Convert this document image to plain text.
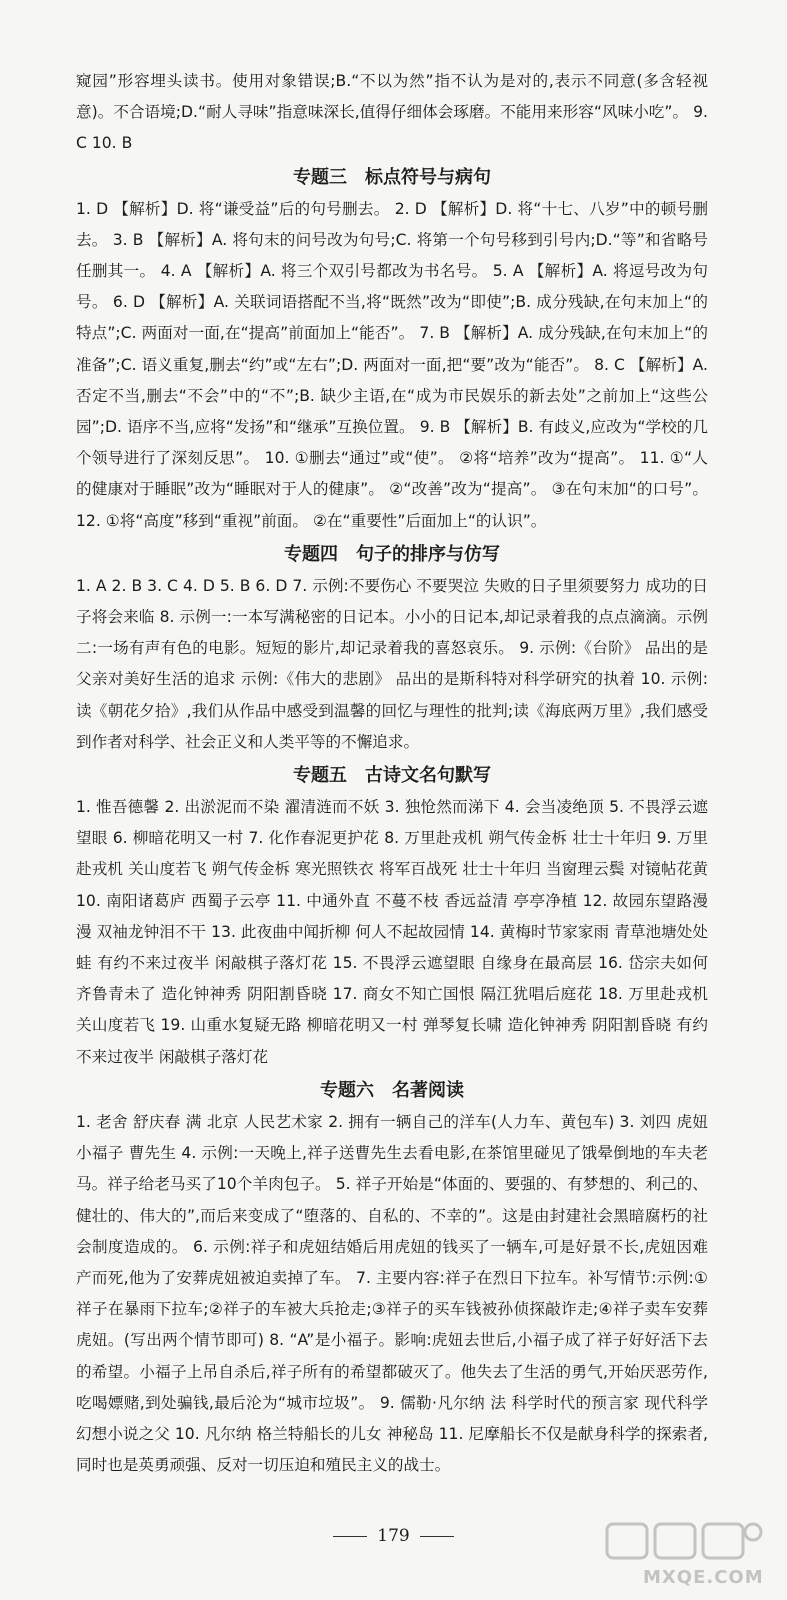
窥园”形容埋头读书。使用对象错误;B.“不以为然”指不认为是对的,表示不同意(多含轻视意)。不合语境;D.“耐人寻味”指意味深长,值得仔细体会琢磨。不能用来形容“风味小吃”。 9. C 10. B

专题三　标点符号与病句

1. D 【解析】D. 将“谦受益”后的句号删去。 2. D 【解析】D. 将“十七、八岁”中的顿号删去。 3. B 【解析】A. 将句末的问号改为句号;C. 将第一个句号移到引号内;D.“等”和省略号任删其一。 4. A 【解析】A. 将三个双引号都改为书名号。 5. A 【解析】A. 将逗号改为句号。 6. D 【解析】A. 关联词语搭配不当,将“既然”改为“即使”;B. 成分残缺,在句末加上“的特点”;C. 两面对一面,在“提高”前面加上“能否”。 7. B 【解析】A. 成分残缺,在句末加上“的准备”;C. 语义重复,删去“约”或“左右”;D. 两面对一面,把“要”改为“能否”。 8. C 【解析】A. 否定不当,删去“不会”中的“不”;B. 缺少主语,在“成为市民娱乐的新去处”之前加上“这些公园”;D. 语序不当,应将“发扬”和“继承”互换位置。 9. B 【解析】B. 有歧义,应改为“学校的几个领导进行了深刻反思”。 10. ①删去“通过”或“使”。 ②将“培养”改为“提高”。 11. ①“人的健康对于睡眠”改为“睡眠对于人的健康”。 ②“改善”改为“提高”。 ③在句末加“的口号”。 12. ①将“高度”移到“重视”前面。 ②在“重要性”后面加上“的认识”。

专题四　句子的排序与仿写

1. A 2. B 3. C 4. D 5. B 6. D 7. 示例:不要伤心 不要哭泣 失败的日子里须要努力 成功的日子将会来临 8. 示例一:一本写满秘密的日记本。小小的日记本,却记录着我的点点滴滴。示例二:一场有声有色的电影。短短的影片,却记录着我的喜怒哀乐。 9. 示例:《台阶》 品出的是父亲对美好生活的追求 示例:《伟大的悲剧》 品出的是斯科特对科学研究的执着 10. 示例:读《朝花夕拾》,我们从作品中感受到温馨的回忆与理性的批判;读《海底两万里》,我们感受到作者对科学、社会正义和人类平等的不懈追求。

专题五　古诗文名句默写

1. 惟吾德馨 2. 出淤泥而不染 濯清涟而不妖 3. 独怆然而涕下 4. 会当凌绝顶 5. 不畏浮云遮望眼 6. 柳暗花明又一村 7. 化作春泥更护花 8. 万里赴戎机 朔气传金柝 壮士十年归 9. 万里赴戎机 关山度若飞 朔气传金柝 寒光照铁衣 将军百战死 壮士十年归 当窗理云鬓 对镜帖花黄 10. 南阳诸葛庐 西蜀子云亭 11. 中通外直 不蔓不枝 香远益清 亭亭净植 12. 故园东望路漫漫 双袖龙钟泪不干 13. 此夜曲中闻折柳 何人不起故园情 14. 黄梅时节家家雨 青草池塘处处蛙 有约不来过夜半 闲敲棋子落灯花 15. 不畏浮云遮望眼 自缘身在最高层 16. 岱宗夫如何 齐鲁青未了 造化钟神秀 阴阳割昏晓 17. 商女不知亡国恨 隔江犹唱后庭花 18. 万里赴戎机 关山度若飞 19. 山重水复疑无路 柳暗花明又一村 弹琴复长啸 造化钟神秀 阴阳割昏晓 有约不来过夜半 闲敲棋子落灯花

专题六　名著阅读

1. 老舍 舒庆春 满 北京 人民艺术家 2. 拥有一辆自己的洋车(人力车、黄包车) 3. 刘四 虎妞 小福子 曹先生 4. 示例:一天晚上,祥子送曹先生去看电影,在茶馆里碰见了饿晕倒地的车夫老马。祥子给老马买了10个羊肉包子。 5. 祥子开始是“体面的、要强的、有梦想的、利己的、健壮的、伟大的”,而后来变成了“堕落的、自私的、不幸的”。这是由封建社会黑暗腐朽的社会制度造成的。 6. 示例:祥子和虎妞结婚后用虎妞的钱买了一辆车,可是好景不长,虎妞因难产而死,他为了安葬虎妞被迫卖掉了车。 7. 主要内容:祥子在烈日下拉车。补写情节:示例:①祥子在暴雨下拉车;②祥子的车被大兵抢走;③祥子的买车钱被孙侦探敲诈走;④祥子卖车安葬虎妞。(写出两个情节即可) 8. “A”是小福子。影响:虎妞去世后,小福子成了祥子好好活下去的希望。小福子上吊自杀后,祥子所有的希望都破灭了。他失去了生活的勇气,开始厌恶劳作,吃喝嫖赌,到处骗钱,最后沦为“城市垃圾”。 9. 儒勒·凡尔纳 法 科学时代的预言家 现代科学幻想小说之父 10. 凡尔纳 格兰特船长的儿女 神秘岛 11. 尼摩船长不仅是献身科学的探索者,同时也是英勇顽强、反对一切压迫和殖民主义的战士。

179
MXQE.COM
